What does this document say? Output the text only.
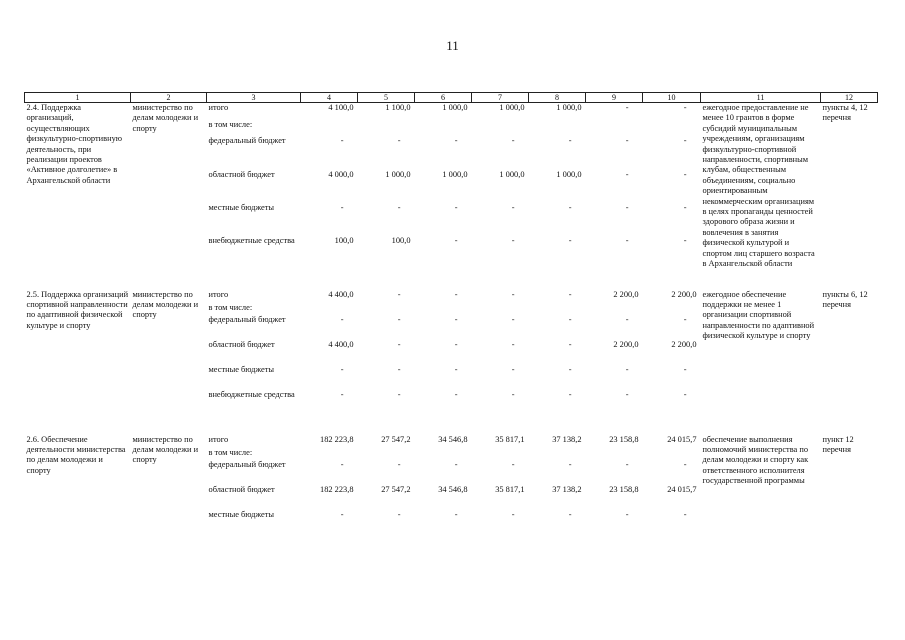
11
1	2	3	4	5	6	7	8	9	10	11	12
2.4. Поддержка организаций, осуществляющих физкультурно-спортивную деятельность, при реализации проектов «Активное долголетие» в Архангельской области	министерство по делам молодежи и спорту	итого	4 100,0	1 100,0	1 000,0	1 000,0	1 000,0	-	-	ежегодное предоставление не менее 10 грантов в форме субсидий муниципальным учреждениям, организациям физкультурно-спортивной направленности, спортивным клубам, общественным объединениям, социально ориентированным некоммерческим организациям в целях пропаганды ценностей здорового образа жизни и вовлечения в занятия физической культурой и спортом лиц старшего возраста в Архангельской области	пункты 4, 12 перечня
		в том числе:									
		федеральный бюджет	-	-	-	-	-	-	-		
		областной бюджет	4 000,0	1 000,0	1 000,0	1 000,0	1 000,0	-	-		
		местные бюджеты	-	-	-	-	-	-	-		
		внебюджетные средства	100,0	100,0	-	-	-	-	-		

2.5. Поддержка организаций спортивной направленности по адаптивной физической культуре и спорту	министерство по делам молодежи и спорту	итого	4 400,0	-	-	-	-	2 200,0	2 200,0	ежегодное обеспечение поддержки не менее 1 организации спортивной направленности по адаптивной физической культуре и спорту	пункты 6, 12 перечня
		в том числе:									
		федеральный бюджет	-	-	-	-	-	-	-		
		областной бюджет	4 400,0	-	-	-	-	2 200,0	2 200,0		
		местные бюджеты	-	-	-	-	-	-	-		
		внебюджетные средства	-	-	-	-	-	-	-		

2.6. Обеспечение деятельности министерства по делам молодежи и спорту	министерство по делам молодежи и спорту	итого	182 223,8	27 547,2	34 546,8	35 817,1	37 138,2	23 158,8	24 015,7	обеспечение выполнения полномочий министерства по делам молодежи и спорту как ответственного исполнителя государственной программы	пункт 12 перечня
		в том числе:									
		федеральный бюджет	-	-	-	-	-	-	-		
		областной бюджет	182 223,8	27 547,2	34 546,8	35 817,1	37 138,2	23 158,8	24 015,7		
		местные бюджеты	-	-	-	-	-	-	-		
